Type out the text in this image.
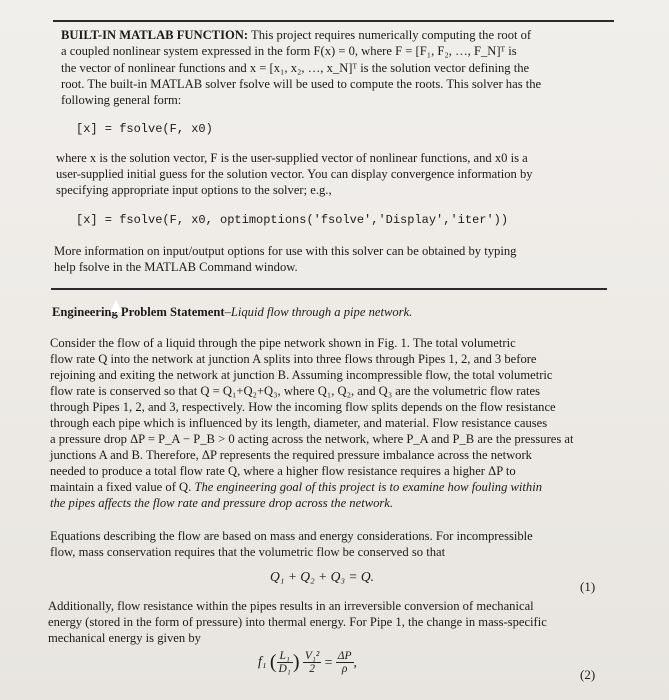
BUILT-IN MATLAB FUNCTION: This project requires numerically computing the root of
a coupled nonlinear system expressed in the form F(x) = 0, where F = [F₁, F₂, …, F_N]ᵀ is
the vector of nonlinear functions and x = [x₁, x₂, …, x_N]ᵀ is the solution vector defining the
root. The built-in MATLAB solver fsolve will be used to compute the roots. This solver has the
following general form:
[x] = fsolve(F, x0)
where x is the solution vector, F is the user-supplied vector of nonlinear functions, and x0 is a
user-supplied initial guess for the solution vector. You can display convergence information by
specifying appropriate input options to the solver; e.g.,
[x] = fsolve(F, x0, optimoptions('fsolve','Display','iter'))
More information on input/output options for use with this solver can be obtained by typing
help fsolve in the MATLAB Command window.
Engineering Problem Statement–Liquid flow through a pipe network.
Consider the flow of a liquid through the pipe network shown in Fig. 1. The total volumetric
flow rate Q into the network at junction A splits into three flows through Pipes 1, 2, and 3 before
rejoining and exiting the network at junction B. Assuming incompressible flow, the total volumetric
flow rate is conserved so that Q = Q₁+Q₂+Q₃, where Q₁, Q₂, and Q₃ are the volumetric flow rates
through Pipes 1, 2, and 3, respectively. How the incoming flow splits depends on the flow resistance
through each pipe which is influenced by its length, diameter, and material. Flow resistance causes
a pressure drop ΔP = P_A − P_B > 0 acting across the network, where P_A and P_B are the pressures at
junctions A and B. Therefore, ΔP represents the required pressure imbalance across the network
needed to produce a total flow rate Q, where a higher flow resistance requires a higher ΔP to
maintain a fixed value of Q. The engineering goal of this project is to examine how fouling within
the pipes affects the flow rate and pressure drop across the network.
Equations describing the flow are based on mass and energy considerations. For incompressible
flow, mass conservation requires that the volumetric flow be conserved so that
Q₁ + Q₂ + Q₃ = Q.
(1)
Additionally, flow resistance within the pipes results in an irreversible conversion of mechanical
energy (stored in the form of pressure) into thermal energy. For Pipe 1, the change in mass-specific
mechanical energy is given by
f₁ ( $\frac{\text{L₁}}{\text{D₁}}$ ) $\frac{\text{V₁²}}{2} = \frac{\Delta P}{\rho}$ ,
(2)
